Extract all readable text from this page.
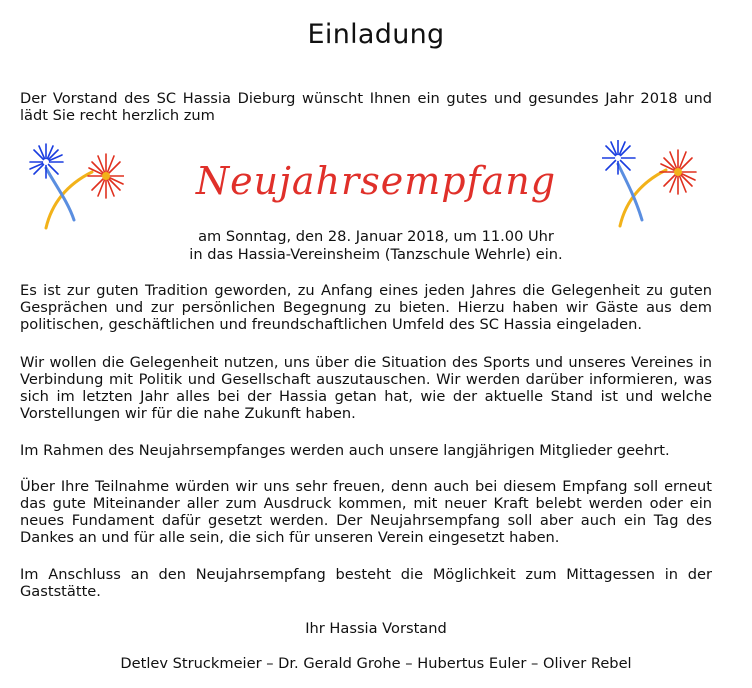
Einladung

Der Vorstand des SC Hassia Dieburg wünscht Ihnen ein gutes und gesundes Jahr 2018 und lädt Sie recht herzlich zum

Neujahrsempfang

am Sonntag, den 28. Januar 2018, um 11.00 Uhr

in das Hassia-Vereinsheim (Tanzschule Wehrle) ein.

Es ist zur guten Tradition geworden, zu Anfang eines jeden Jahres die Gelegenheit zu guten Gesprächen und zur persönlichen Begegnung zu bieten. Hierzu haben wir Gäste aus dem politischen, geschäftlichen und freundschaftlichen Umfeld des SC Hassia eingeladen.

Wir wollen die Gelegenheit nutzen, uns über die Situation des Sports und unseres Vereines in Verbindung mit Politik und Gesellschaft auszutauschen. Wir werden darüber informieren, was sich im letzten Jahr alles bei der Hassia getan hat, wie der aktuelle Stand ist und welche Vorstellungen wir für die nahe Zukunft haben.

Im Rahmen des Neujahrsempfanges werden auch unsere langjährigen Mitglieder geehrt.

Über Ihre Teilnahme würden wir uns sehr freuen, denn auch bei diesem Empfang soll erneut das gute Miteinander aller zum Ausdruck kommen, mit neuer Kraft belebt werden oder ein neues Fundament dafür gesetzt werden. Der Neujahrsempfang soll aber auch ein Tag des Dankes an und für alle sein, die sich für unseren Verein eingesetzt haben.

Im Anschluss an den Neujahrsempfang besteht die Möglichkeit zum Mittagessen in der Gaststätte.

Ihr Hassia Vorstand

Detlev Struckmeier – Dr. Gerald Grohe – Hubertus Euler – Oliver Rebel
